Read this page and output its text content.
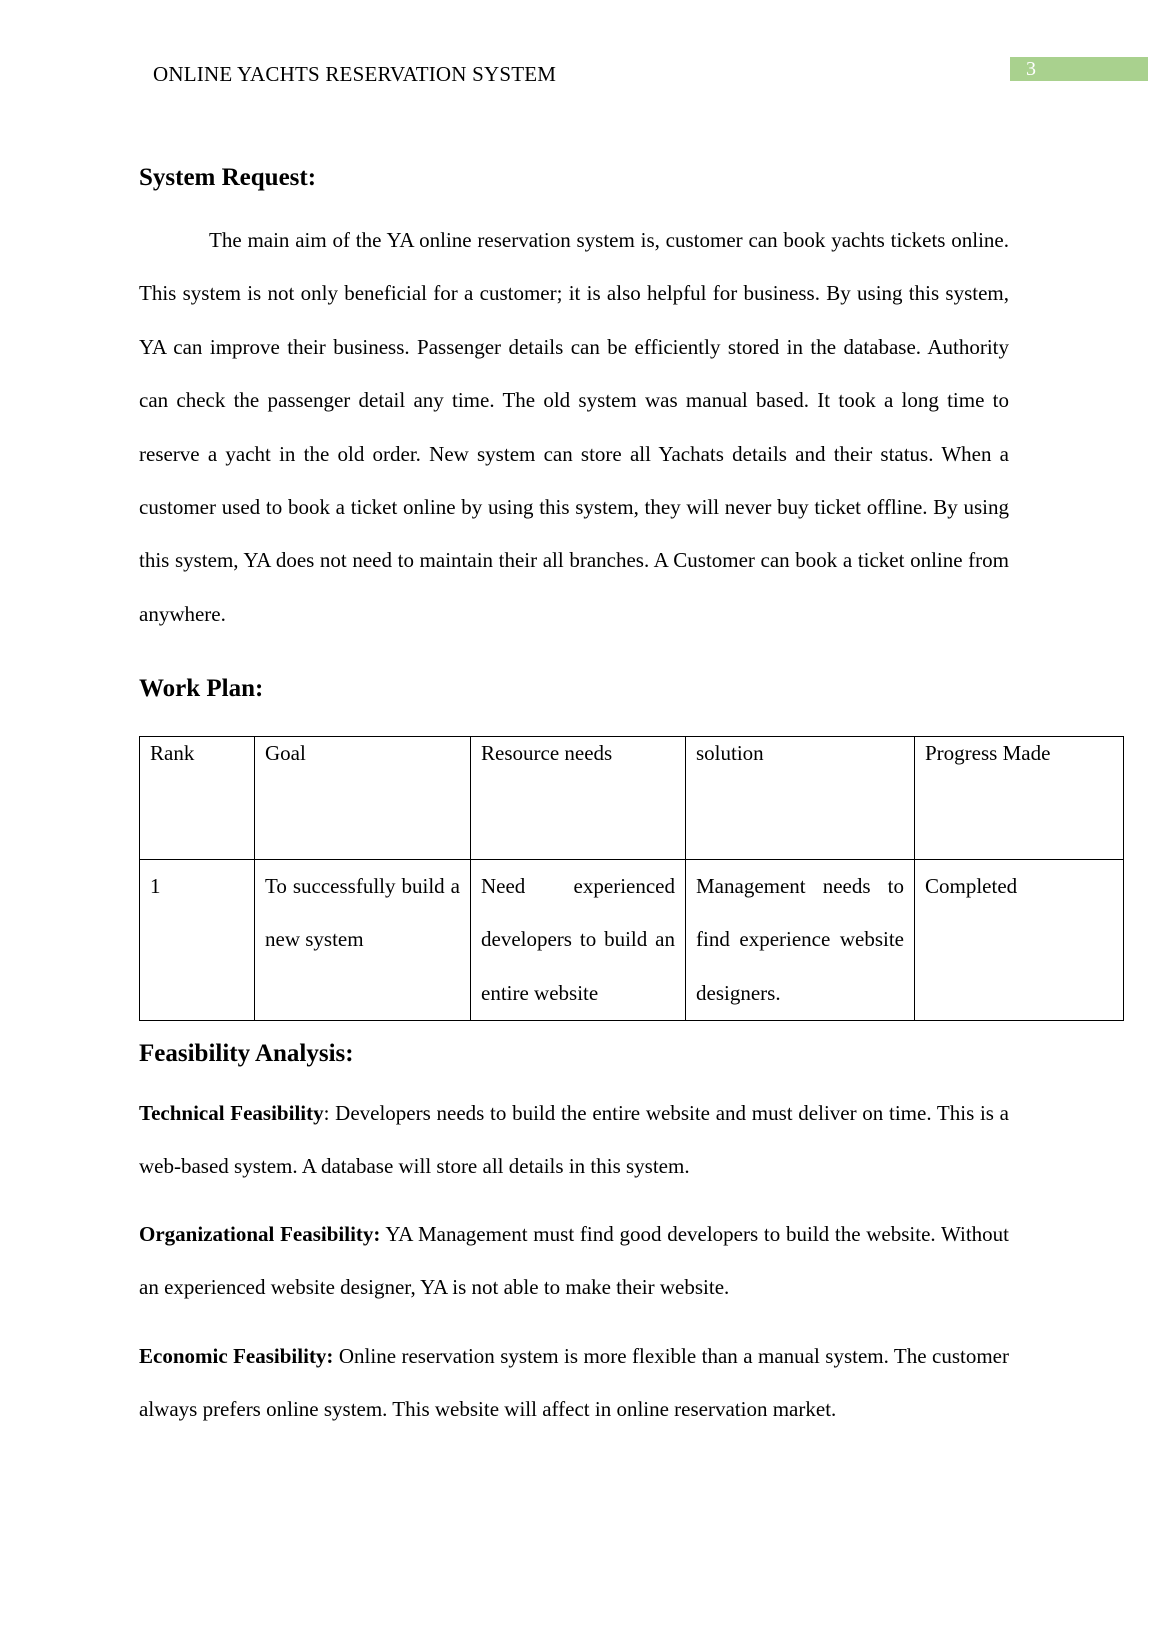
ONLINE YACHTS RESERVATION SYSTEM	3
System Request:

The main aim of the YA online reservation system is, customer can book yachts tickets online. This system is not only beneficial for a customer; it is also helpful for business. By using this system, YA can improve their business. Passenger details can be efficiently stored in the database. Authority can check the passenger detail any time. The old system was manual based. It took a long time to reserve a yacht in the old order. New system can store all Yachats details and their status. When a customer used to book a ticket online by using this system, they will never buy ticket offline. By using this system, YA does not need to maintain their all branches. A Customer can book a ticket online from anywhere.

Work Plan:
Rank	Goal	Resource needs	solution	Progress Made
1	To successfully build a new system	Need experienced developers to build an entire website	Management needs to find experience website designers.	Completed
Feasibility Analysis:

Technical Feasibility: Developers needs to build the entire website and must deliver on time. This is a web-based system. A database will store all details in this system.

Organizational Feasibility: YA Management must find good developers to build the website. Without an experienced website designer, YA is not able to make their website.

Economic Feasibility: Online reservation system is more flexible than a manual system. The customer always prefers online system. This website will affect in online reservation market.
